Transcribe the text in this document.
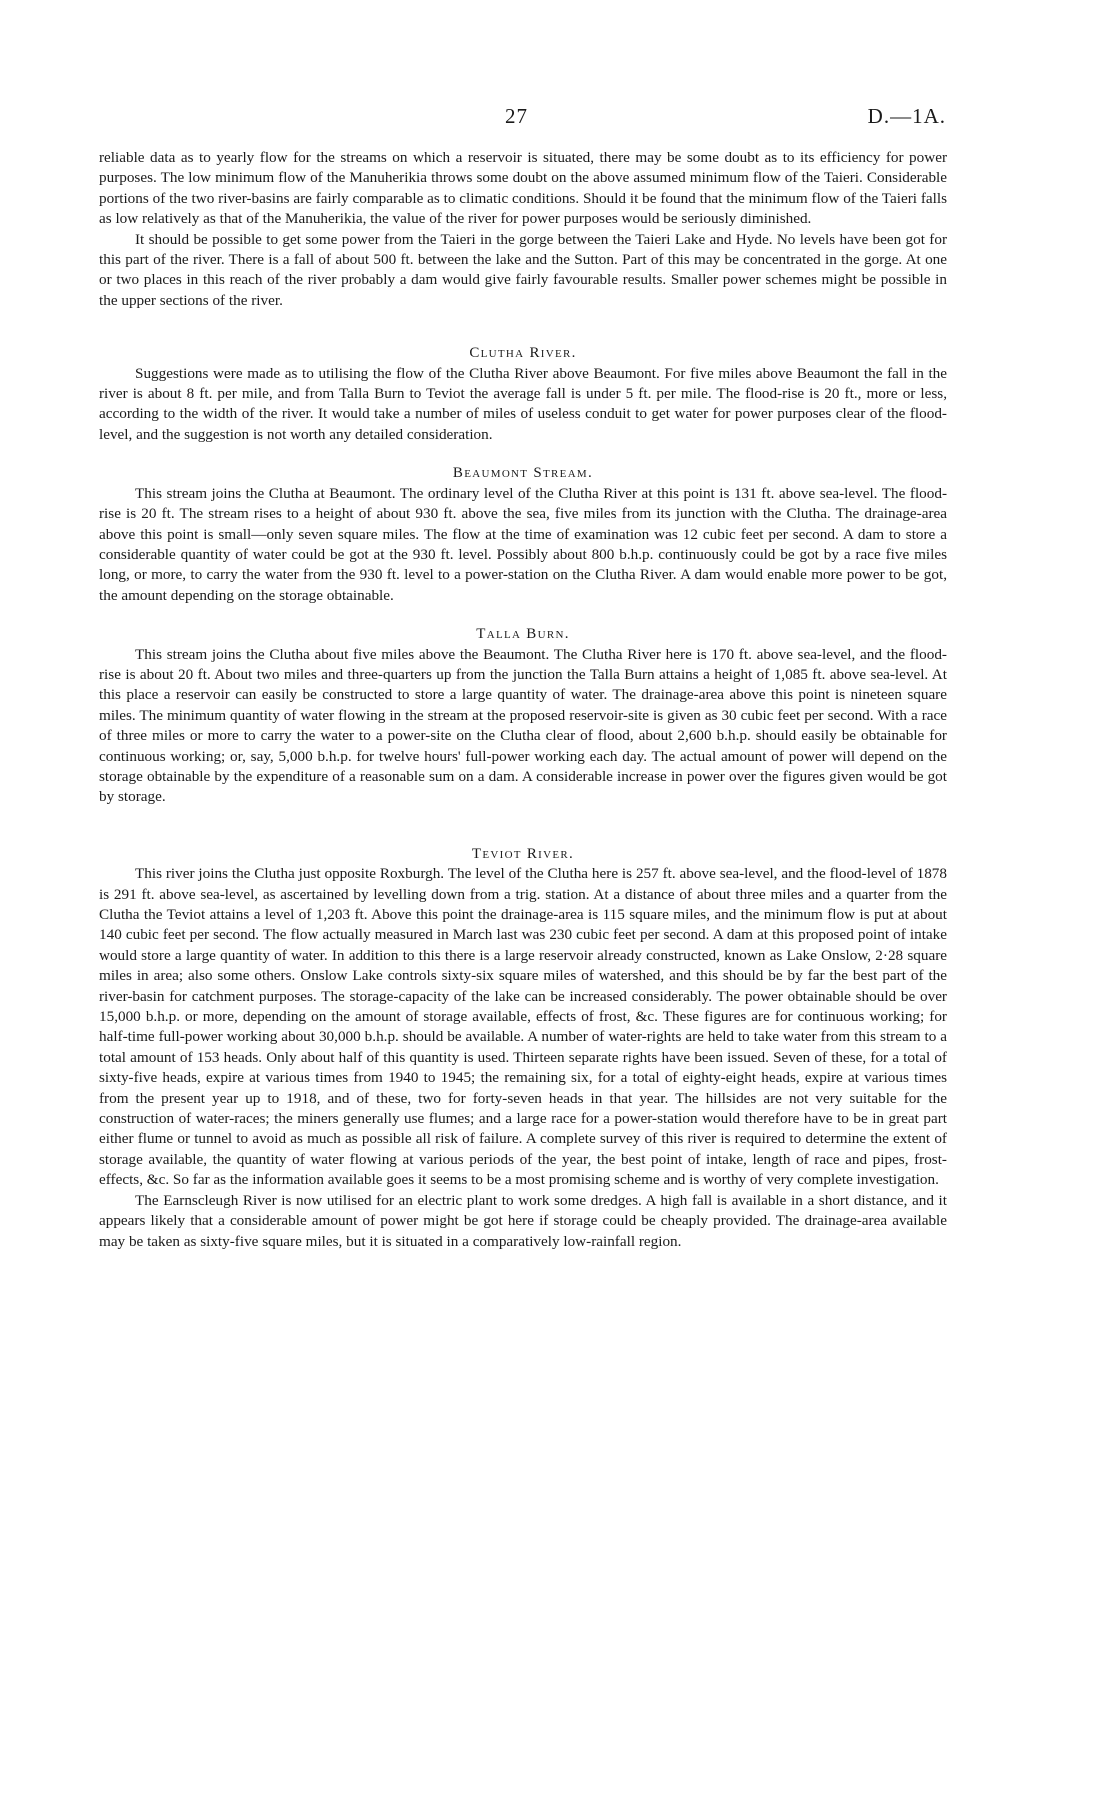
27	D.—1A.

reliable data as to yearly flow for the streams on which a reservoir is situated, there may be some doubt as to its efficiency for power purposes. The low minimum flow of the Manuherikia throws some doubt on the above assumed minimum flow of the Taieri. Considerable portions of the two river-basins are fairly comparable as to climatic conditions. Should it be found that the minimum flow of the Taieri falls as low relatively as that of the Manuherikia, the value of the river for power purposes would be seriously diminished.

It should be possible to get some power from the Taieri in the gorge between the Taieri Lake and Hyde. No levels have been got for this part of the river. There is a fall of about 500 ft. between the lake and the Sutton. Part of this may be concentrated in the gorge. At one or two places in this reach of the river probably a dam would give fairly favourable results. Smaller power schemes might be possible in the upper sections of the river.

Clutha River.

Suggestions were made as to utilising the flow of the Clutha River above Beaumont. For five miles above Beaumont the fall in the river is about 8 ft. per mile, and from Talla Burn to Teviot the average fall is under 5 ft. per mile. The flood-rise is 20 ft., more or less, according to the width of the river. It would take a number of miles of useless conduit to get water for power purposes clear of the flood-level, and the suggestion is not worth any detailed consideration.

Beaumont Stream.

This stream joins the Clutha at Beaumont. The ordinary level of the Clutha River at this point is 131 ft. above sea-level. The flood-rise is 20 ft. The stream rises to a height of about 930 ft. above the sea, five miles from its junction with the Clutha. The drainage-area above this point is small—only seven square miles. The flow at the time of examination was 12 cubic feet per second. A dam to store a considerable quantity of water could be got at the 930 ft. level. Possibly about 800 b.h.p. continuously could be got by a race five miles long, or more, to carry the water from the 930 ft. level to a power-station on the Clutha River. A dam would enable more power to be got, the amount depending on the storage obtainable.

Talla Burn.

This stream joins the Clutha about five miles above the Beaumont. The Clutha River here is 170 ft. above sea-level, and the flood-rise is about 20 ft. About two miles and three-quarters up from the junction the Talla Burn attains a height of 1,085 ft. above sea-level. At this place a reservoir can easily be constructed to store a large quantity of water. The drainage-area above this point is nineteen square miles. The minimum quantity of water flowing in the stream at the proposed reservoir-site is given as 30 cubic feet per second. With a race of three miles or more to carry the water to a power-site on the Clutha clear of flood, about 2,600 b.h.p. should easily be obtainable for continuous working; or, say, 5,000 b.h.p. for twelve hours' full-power working each day. The actual amount of power will depend on the storage obtainable by the expenditure of a reasonable sum on a dam. A considerable increase in power over the figures given would be got by storage.

Teviot River.

This river joins the Clutha just opposite Roxburgh. The level of the Clutha here is 257 ft. above sea-level, and the flood-level of 1878 is 291 ft. above sea-level, as ascertained by levelling down from a trig. station. At a distance of about three miles and a quarter from the Clutha the Teviot attains a level of 1,203 ft. Above this point the drainage-area is 115 square miles, and the minimum flow is put at about 140 cubic feet per second. The flow actually measured in March last was 230 cubic feet per second. A dam at this proposed point of intake would store a large quantity of water. In addition to this there is a large reservoir already constructed, known as Lake Onslow, 2·28 square miles in area; also some others. Onslow Lake controls sixty-six square miles of watershed, and this should be by far the best part of the river-basin for catchment purposes. The storage-capacity of the lake can be increased considerably. The power obtainable should be over 15,000 b.h.p. or more, depending on the amount of storage available, effects of frost, &c. These figures are for continuous working; for half-time full-power working about 30,000 b.h.p. should be available. A number of water-rights are held to take water from this stream to a total amount of 153 heads. Only about half of this quantity is used. Thirteen separate rights have been issued. Seven of these, for a total of sixty-five heads, expire at various times from 1940 to 1945; the remaining six, for a total of eighty-eight heads, expire at various times from the present year up to 1918, and of these, two for forty-seven heads in that year. The hillsides are not very suitable for the construction of water-races; the miners generally use flumes; and a large race for a power-station would therefore have to be in great part either flume or tunnel to avoid as much as possible all risk of failure. A complete survey of this river is required to determine the extent of storage available, the quantity of water flowing at various periods of the year, the best point of intake, length of race and pipes, frost-effects, &c. So far as the information available goes it seems to be a most promising scheme and is worthy of very complete investigation.

The Earnscleugh River is now utilised for an electric plant to work some dredges. A high fall is available in a short distance, and it appears likely that a considerable amount of power might be got here if storage could be cheaply provided. The drainage-area available may be taken as sixty-five square miles, but it is situated in a comparatively low-rainfall region.
